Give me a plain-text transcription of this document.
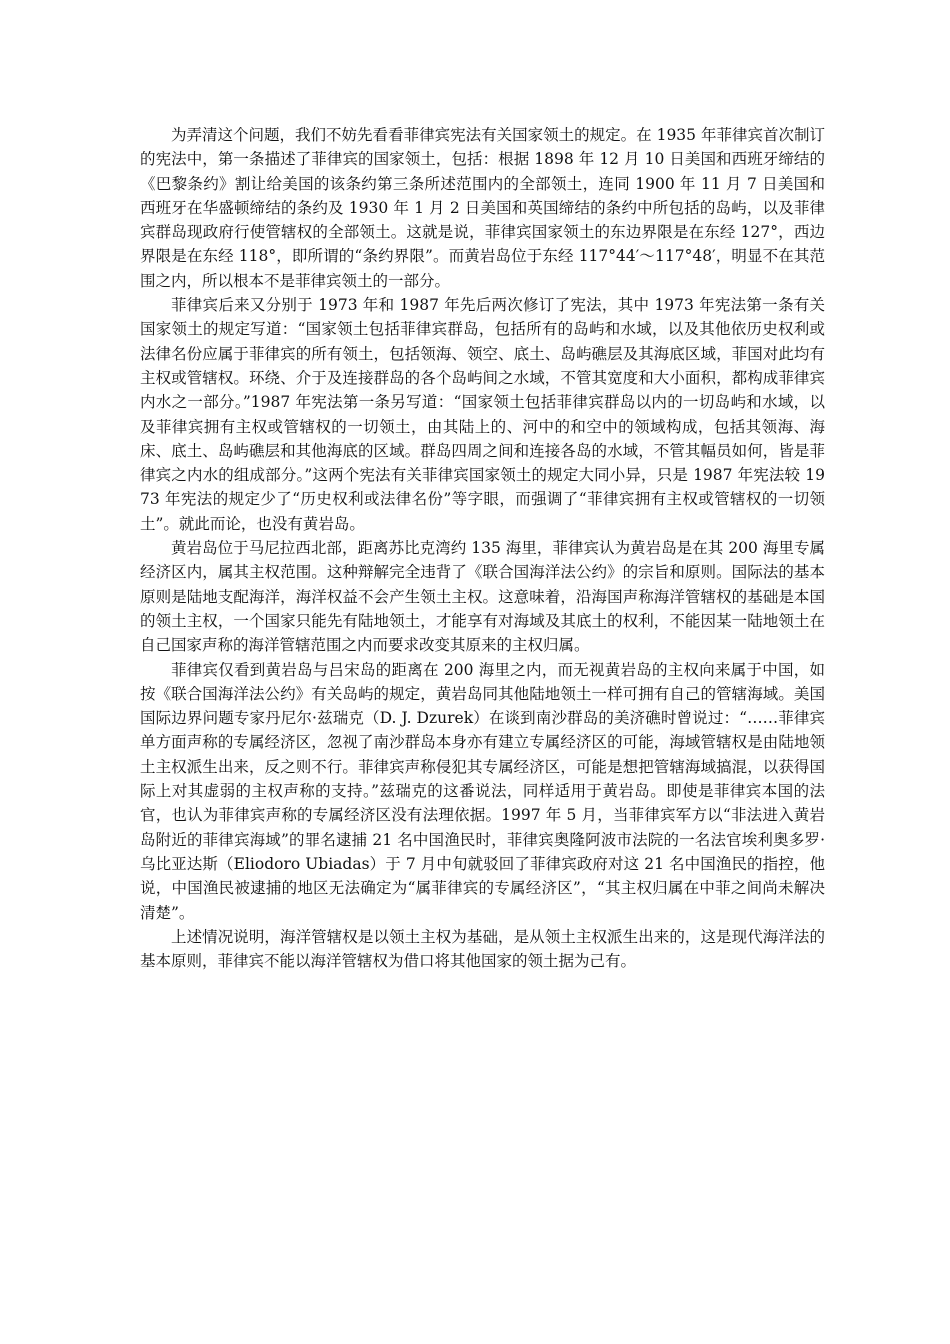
为弄清这个问题，我们不妨先看看菲律宾宪法有关国家领土的规定。在 1935 年菲律宾首次制订的宪法中，第一条描述了菲律宾的国家领土，包括：根据 1898 年 12 月 10 日美国和西班牙缔结的《巴黎条约》割让给美国的该条约第三条所述范围内的全部领土，连同 1900 年 11 月 7 日美国和西班牙在华盛顿缔结的条约及 1930 年 1 月 2 日美国和英国缔结的条约中所包括的岛屿，以及菲律宾群岛现政府行使管辖权的全部领土。这就是说，菲律宾国家领土的东边界限是在东经 127°，西边界限是在东经 118°，即所谓的“条约界限”。而黄岩岛位于东经 117°44′～117°48′，明显不在其范围之内，所以根本不是菲律宾领土的一部分。

菲律宾后来又分别于 1973 年和 1987 年先后两次修订了宪法，其中 1973 年宪法第一条有关国家领土的规定写道：“国家领土包括菲律宾群岛，包括所有的岛屿和水域，以及其他依历史权利或法律名份应属于菲律宾的所有领土，包括领海、领空、底土、岛屿礁层及其海底区域，菲国对此均有主权或管辖权。环绕、介于及连接群岛的各个岛屿间之水域，不管其宽度和大小面积，都构成菲律宾内水之一部分。”1987 年宪法第一条另写道：“国家领土包括菲律宾群岛以内的一切岛屿和水域，以及菲律宾拥有主权或管辖权的一切领土，由其陆上的、河中的和空中的领域构成，包括其领海、海床、底土、岛屿礁层和其他海底的区域。群岛四周之间和连接各岛的水域，不管其幅员如何，皆是菲律宾之内水的组成部分。”这两个宪法有关菲律宾国家领土的规定大同小异，只是 1987 年宪法较 1973 年宪法的规定少了“历史权利或法律名份”等字眼，而强调了“菲律宾拥有主权或管辖权的一切领土”。就此而论，也没有黄岩岛。

黄岩岛位于马尼拉西北部，距离苏比克湾约 135 海里，菲律宾认为黄岩岛是在其 200 海里专属经济区内，属其主权范围。这种辩解完全违背了《联合国海洋法公约》的宗旨和原则。国际法的基本原则是陆地支配海洋，海洋权益不会产生领土主权。这意味着，沿海国声称海洋管辖权的基础是本国的领土主权，一个国家只能先有陆地领土，才能享有对海域及其底土的权利，不能因某一陆地领土在自己国家声称的海洋管辖范围之内而要求改变其原来的主权归属。

菲律宾仅看到黄岩岛与吕宋岛的距离在 200 海里之内，而无视黄岩岛的主权向来属于中国，如按《联合国海洋法公约》有关岛屿的规定，黄岩岛同其他陆地领土一样可拥有自己的管辖海域。美国国际边界问题专家丹尼尔·兹瑞克（D. J. Dzurek）在谈到南沙群岛的美济礁时曾说过：“……菲律宾单方面声称的专属经济区，忽视了南沙群岛本身亦有建立专属经济区的可能，海域管辖权是由陆地领土主权派生出来，反之则不行。菲律宾声称侵犯其专属经济区，可能是想把管辖海域搞混，以获得国际上对其虚弱的主权声称的支持。”兹瑞克的这番说法，同样适用于黄岩岛。即使是菲律宾本国的法官，也认为菲律宾声称的专属经济区没有法理依据。1997 年 5 月，当菲律宾军方以“非法进入黄岩岛附近的菲律宾海域”的罪名逮捕 21 名中国渔民时，菲律宾奥隆阿波市法院的一名法官埃利奥多罗·乌比亚达斯（Eliodoro Ubiadas）于 7 月中旬就驳回了菲律宾政府对这 21 名中国渔民的指控，他说，中国渔民被逮捕的地区无法确定为“属菲律宾的专属经济区”，“其主权归属在中菲之间尚未解决清楚”。

上述情况说明，海洋管辖权是以领土主权为基础，是从领土主权派生出来的，这是现代海洋法的基本原则，菲律宾不能以海洋管辖权为借口将其他国家的领土据为己有。
